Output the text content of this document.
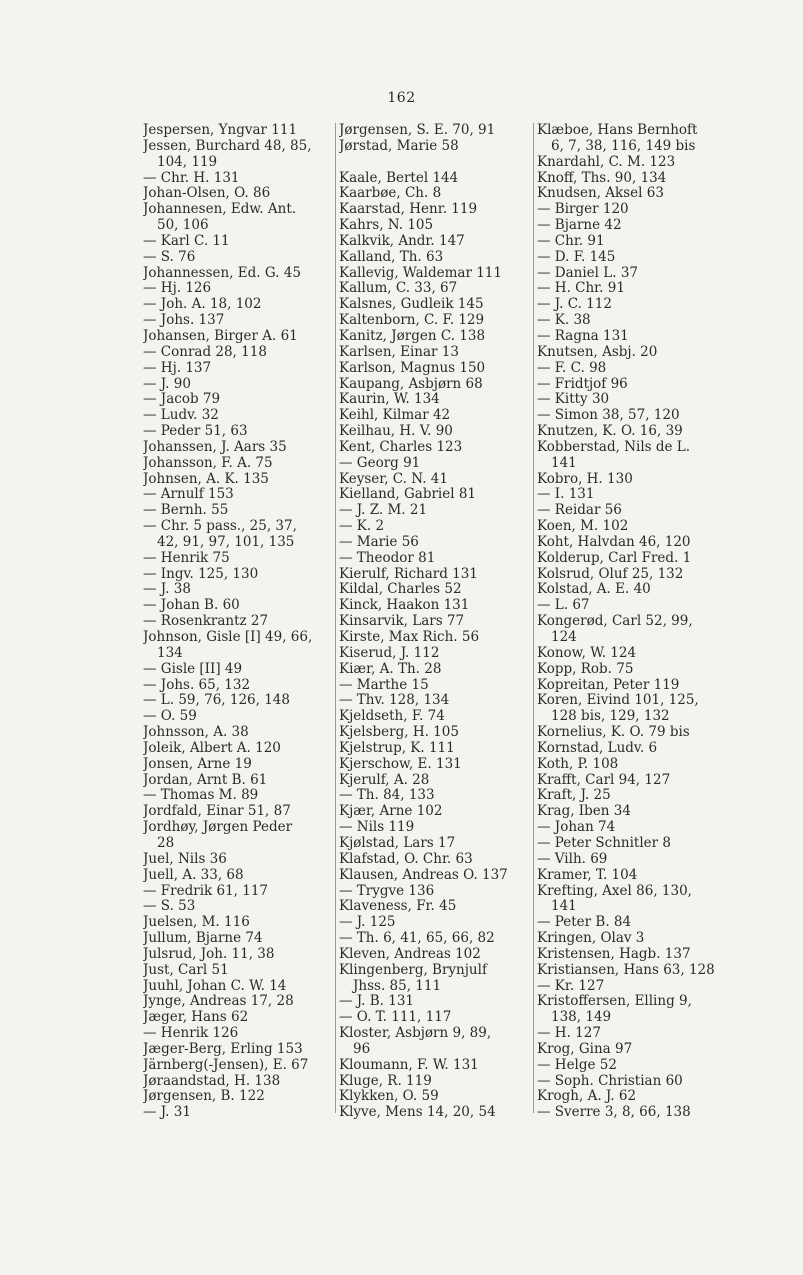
162
Jespersen, Yngvar 111
Jessen, Burchard 48, 85,
104, 119
— Chr. H. 131
Johan-Olsen, O. 86
Johannesen, Edw. Ant.
50, 106
— Karl C. 11
— S. 76
Johannessen, Ed. G. 45
— Hj. 126
— Joh. A. 18, 102
— Johs. 137
Johansen, Birger A. 61
— Conrad 28, 118
— Hj. 137
— J. 90
— Jacob 79
— Ludv. 32
— Peder 51, 63
Johanssen, J. Aars 35
Johansson, F. A. 75
Johnsen, A. K. 135
— Arnulf 153
— Bernh. 55
— Chr. 5 pass., 25, 37,
42, 91, 97, 101, 135
— Henrik 75
— Ingv. 125, 130
— J. 38
— Johan B. 60
— Rosenkrantz 27
Johnson, Gisle [I] 49, 66,
134
— Gisle [II] 49
— Johs. 65, 132
— L. 59, 76, 126, 148
— O. 59
Johnsson, A. 38
Joleik, Albert A. 120
Jonsen, Arne 19
Jordan, Arnt B. 61
— Thomas M. 89
Jordfald, Einar 51, 87
Jordhøy, Jørgen Peder
28
Juel, Nils 36
Juell, A. 33, 68
— Fredrik 61, 117
— S. 53
Juelsen, M. 116
Jullum, Bjarne 74
Julsrud, Joh. 11, 38
Just, Carl 51
Juuhl, Johan C. W. 14
Jynge, Andreas 17, 28
Jæger, Hans 62
— Henrik 126
Jæger-Berg, Erling 153
Järnberg(-Jensen), E. 67
Jøraandstad, H. 138
Jørgensen, B. 122
— J. 31
Jørgensen, S. E. 70, 91
Jørstad, Marie 58
Kaale, Bertel 144
Kaarbøe, Ch. 8
Kaarstad, Henr. 119
Kahrs, N. 105
Kalkvik, Andr. 147
Kalland, Th. 63
Kallevig, Waldemar 111
Kallum, C. 33, 67
Kalsnes, Gudleik 145
Kaltenborn, C. F. 129
Kanitz, Jørgen C. 138
Karlsen, Einar 13
Karlson, Magnus 150
Kaupang, Asbjørn 68
Kaurin, W. 134
Keihl, Kilmar 42
Keilhau, H. V. 90
Kent, Charles 123
— Georg 91
Keyser, C. N. 41
Kielland, Gabriel 81
— J. Z. M. 21
— K. 2
— Marie 56
— Theodor 81
Kierulf, Richard 131
Kildal, Charles 52
Kinck, Haakon 131
Kinsarvik, Lars 77
Kirste, Max Rich. 56
Kiserud, J. 112
Kiær, A. Th. 28
— Marthe 15
— Thv. 128, 134
Kjeldseth, F. 74
Kjelsberg, H. 105
Kjelstrup, K. 111
Kjerschow, E. 131
Kjerulf, A. 28
— Th. 84, 133
Kjær, Arne 102
— Nils 119
Kjølstad, Lars 17
Klafstad, O. Chr. 63
Klausen, Andreas O. 137
— Trygve 136
Klaveness, Fr. 45
— J. 125
— Th. 6, 41, 65, 66, 82
Kleven, Andreas 102
Klingenberg, Brynjulf
Jhss. 85, 111
— J. B. 131
— O. T. 111, 117
Kloster, Asbjørn 9, 89,
96
Kloumann, F. W. 131
Kluge, R. 119
Klykken, O. 59
Klyve, Mens 14, 20, 54
Klæboe, Hans Bernhoft
6, 7, 38, 116, 149 bis
Knardahl, C. M. 123
Knoff, Ths. 90, 134
Knudsen, Aksel 63
— Birger 120
— Bjarne 42
— Chr. 91
— D. F. 145
— Daniel L. 37
— H. Chr. 91
— J. C. 112
— K. 38
— Ragna 131
Knutsen, Asbj. 20
— F. C. 98
— Fridtjof 96
— Kitty 30
— Simon 38, 57, 120
Knutzen, K. O. 16, 39
Kobberstad, Nils de L.
141
Kobro, H. 130
— I. 131
— Reidar 56
Koen, M. 102
Koht, Halvdan 46, 120
Kolderup, Carl Fred. 1
Kolsrud, Oluf 25, 132
Kolstad, A. E. 40
— L. 67
Kongerød, Carl 52, 99,
124
Konow, W. 124
Kopp, Rob. 75
Kopreitan, Peter 119
Koren, Eivind 101, 125,
128 bis, 129, 132
Kornelius, K. O. 79 bis
Kornstad, Ludv. 6
Koth, P. 108
Krafft, Carl 94, 127
Kraft, J. 25
Krag, Iben 34
— Johan 74
— Peter Schnitler 8
— Vilh. 69
Kramer, T. 104
Krefting, Axel 86, 130,
141
— Peter B. 84
Kringen, Olav 3
Kristensen, Hagb. 137
Kristiansen, Hans 63, 128
— Kr. 127
Kristoffersen, Elling 9,
138, 149
— H. 127
Krog, Gina 97
— Helge 52
— Soph. Christian 60
Krogh, A. J. 62
— Sverre 3, 8, 66, 138
